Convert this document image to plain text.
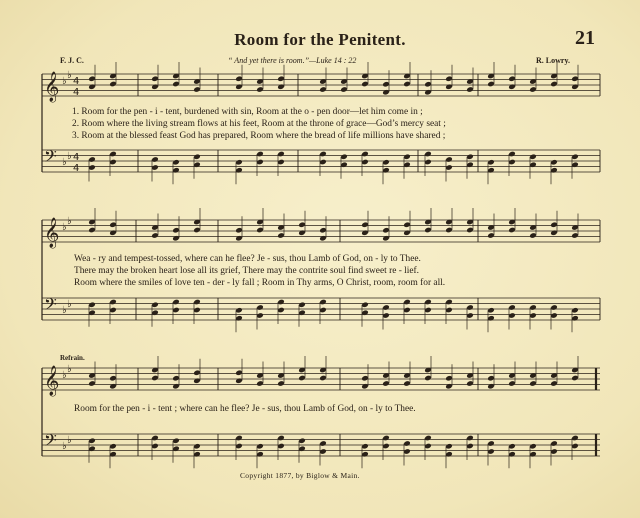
Room for the Penitent.	21
F. J. C.	“ And yet there is room.”—Luke 14 : 22	R. Lowry.
𝄞
𝄢
♭
♭
♭
♭
4
4
4
4
𝄞
𝄢
♭
♭
♭
♭
𝄞
𝄢
♭
♭
♭
♭
1. Room for the pen - i - tent, burdened with sin, Room at the o - pen door—let him come in ;
2. Room where the living stream flows at his feet, Room at the throne of grace—God’s mercy seat ;
3. Room at the blessed feast God has prepared, Room where the bread of life millions have shared ;
Wea - ry and tempest-tossed, where can he flee? Je - sus, thou Lamb of God, on - ly to Thee.
There may the broken heart lose all its grief, There may the contrite soul find sweet re - lief.
Room where the smiles of love ten - der - ly fall ; Room in Thy arms, O Christ, room, room for all.
Refrain.
Room for the pen - i - tent ; where can he flee? Je - sus, thou Lamb of God, on - ly to Thee.
Copyright 1877, by Biglow & Main.
